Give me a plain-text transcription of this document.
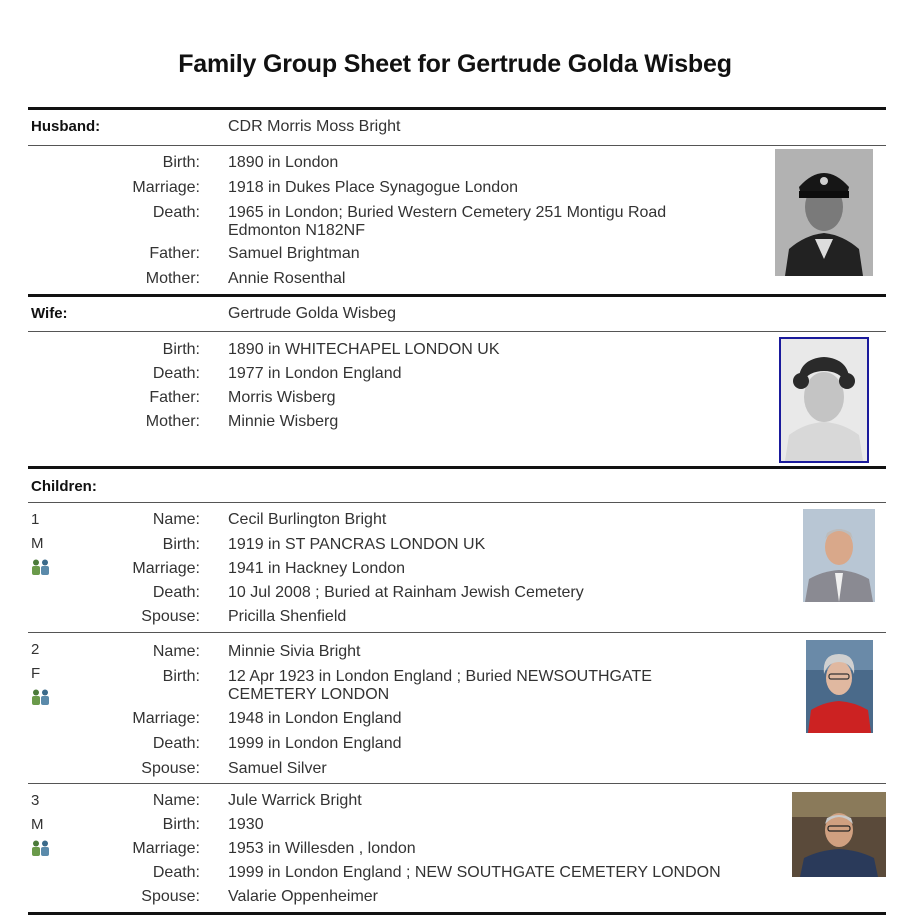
Family Group Sheet for Gertrude Golda Wisbeg
Husband:	CDR Morris Moss Bright
Birth: 1890 in London
Marriage: 1918 in Dukes Place Synagogue London
Death: 1965 in London; Buried Western Cemetery 251 Montigu Road
Edmonton N182NF
Father: Samuel Brightman
Mother: Annie Rosenthal
Wife:	Gertrude Golda Wisbeg
Birth: 1890 in WHITECHAPEL LONDON UK
Death: 1977 in London England
Father: Morris Wisberg
Mother: Minnie Wisberg
Children:
1
M
Name: Cecil Burlington Bright
Birth: 1919 in ST PANCRAS LONDON UK
Marriage: 1941 in Hackney London
Death: 10 Jul 2008 ; Buried at Rainham Jewish Cemetery
Spouse: Pricilla Shenfield
2
F
Name: Minnie Sivia Bright
Birth: 12 Apr 1923 in London England ; Buried NEWSOUTHGATE
CEMETERY LONDON
Marriage: 1948 in London England
Death: 1999 in London England
Spouse: Samuel Silver
3
M
Name: Jule Warrick Bright
Birth: 1930
Marriage: 1953 in Willesden , london
Death: 1999 in London England ; NEW SOUTHGATE CEMETERY LONDON
Spouse: Valarie Oppenheimer
